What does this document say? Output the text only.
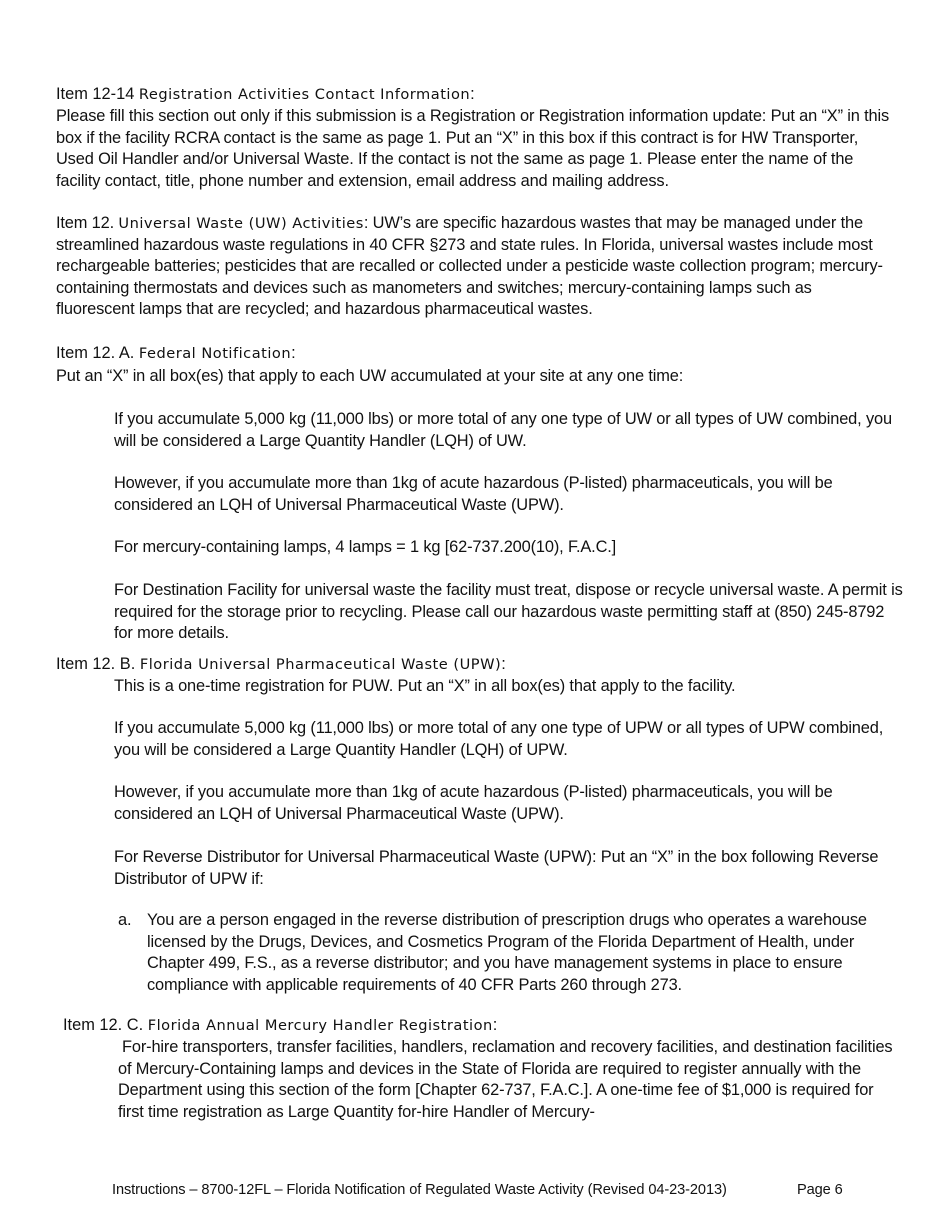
Item 12-14 Registration Activities Contact Information:

Please fill this section out only if this submission is a Registration or Registration information update: Put an “X” in this box if the facility RCRA contact is the same as page 1. Put an “X” in this box if this contract is for HW Transporter, Used Oil Handler and/or Universal Waste. If the contact is not the same as page 1. Please enter the name of the facility contact, title, phone number and extension, email address and mailing address.

Item 12. Universal Waste (UW) Activities: UW’s are specific hazardous wastes that may be managed under the streamlined hazardous waste regulations in 40 CFR §273 and state rules. In Florida, universal wastes include most rechargeable batteries; pesticides that are recalled or collected under a pesticide waste collection program; mercury-containing thermostats and devices such as manometers and switches; mercury-containing lamps such as fluorescent lamps that are recycled; and hazardous pharmaceutical wastes.

Item 12. A. Federal Notification:

Put an “X” in all box(es) that apply to each UW accumulated at your site at any one time:

If you accumulate 5,000 kg (11,000 lbs) or more total of any one type of UW or all types of UW combined, you will be considered a Large Quantity Handler (LQH) of UW.

However, if you accumulate more than 1kg of acute hazardous (P-listed) pharmaceuticals, you will be considered an LQH of Universal Pharmaceutical Waste (UPW).

For mercury-containing lamps, 4 lamps = 1 kg [62-737.200(10), F.A.C.]

For Destination Facility for universal waste the facility must treat, dispose or recycle universal waste. A permit is required for the storage prior to recycling. Please call our hazardous waste permitting staff at (850) 245-8792 for more details.

Item 12. B. Florida Universal Pharmaceutical Waste (UPW):

This is a one-time registration for PUW. Put an “X” in all box(es) that apply to the facility.

If you accumulate 5,000 kg (11,000 lbs) or more total of any one type of UPW or all types of UPW combined, you will be considered a Large Quantity Handler (LQH) of UPW.

However, if you accumulate more than 1kg of acute hazardous (P-listed) pharmaceuticals, you will be considered an LQH of Universal Pharmaceutical Waste (UPW).

For Reverse Distributor for Universal Pharmaceutical Waste (UPW): Put an “X” in the box following Reverse Distributor of UPW if:

a. You are a person engaged in the reverse distribution of prescription drugs who operates a warehouse licensed by the Drugs, Devices, and Cosmetics Program of the Florida Department of Health, under Chapter 499, F.S., as a reverse distributor; and you have management systems in place to ensure compliance with applicable requirements of 40 CFR Parts 260 through 273.
Item 12. C. Florida Annual Mercury Handler Registration:

For-hire transporters, transfer facilities, handlers, reclamation and recovery facilities, and destination facilities of Mercury-Containing lamps and devices in the State of Florida are required to register annually with the Department using this section of the form [Chapter 62-737, F.A.C.]. A one-time fee of $1,000 is required for first time registration as Large Quantity for-hire Handler of Mercury-

Instructions – 8700-12FL – Florida Notification of Regulated Waste Activity (Revised 04-23-2013)	Page 6
